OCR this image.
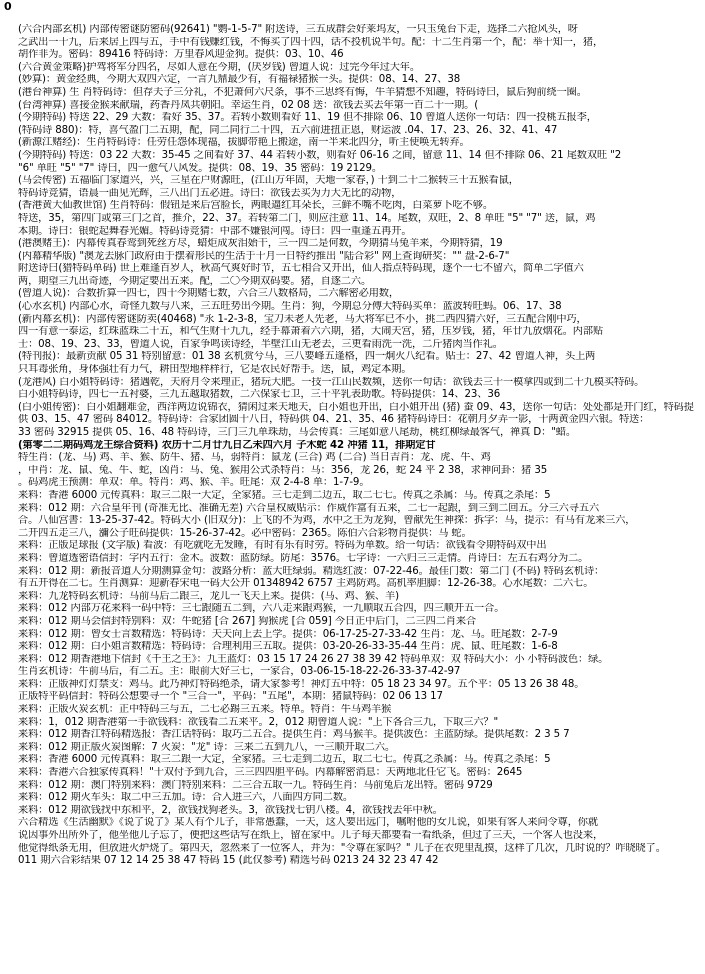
0
(六合内部玄机) 内部传密谜防密码(92641) "鹦-1-5-7" 附送诗，三五成群会好莱坞友，一只玉兔台下走，选择二六抢风头，呀
之武出一十九，后来居上四与五，手中有钱赚红钱，不悔买了四十四，话不投机说半句。配：十二生肖第一个，配：举十知一，猪，
胡作非为。密码：89416 特码诗：万里春风迎金狗。提供：03、10、46
(六合黄金策略)护驾将军分四名，尽如人意在今期，(厌岁钱) 曾道人说：过完今年过大年。
(妙算)：黄金经典，今期大双四六定，一言九鼎最少有，有福禄猪猴一头。提供：08、14、27、38
(港台神算) 生 肖特码诗：但存夫子三分礼，不犯萧何六尺条，事不三思终有悔，牛羊猜想不知趣，特码诗曰，鼠后狗前绕一圈。
(台湾神算) 喜接金猴来献瑞，药香丹凤共朝阳。幸运生肖，02 08 送：欲钱去买去年第一百二十一期。(
(今期特码) 特送 22、29 大数：看好 35、37。若转小数则看好 11、19 但不排除 06、10 曾道人送你一句话：四一投桃五报李，
(特码诗 880)：特，喜气盈门二五期，配，同二同行二十四，五六前进扭正恩，财运波 .04、17、23、26、32、41、47
(新源江赌经)：生肖特码诗：任劳任怨体现福，拔脚带艳上搬途，南一半来北四分，听主使唤无转弃。
(今期特码) 特送：03 22 大数：35-45 之间看好 37、44 若转小数，则看好 06-16 之间，留意 11、14 但不排除 06、21 尾数双旺 "2
"6" 单旺 "5" "7" 诗曰，四一愈气八风发。提供：08、19、35 密码：19 2129。
(马会传密) 五福临门家道兴，兴，三星在户财源旺，(江山万年固，天地一家春，) 十到二十二猴转三十五猴看鼠，
特码诗竞猜，语晨一曲见光辉，三八出门五必进。诗曰：欲钱去买为力大无比的动物，
(香港黄大仙教世馆) 生肖特码：假钮是来后宫脸长，两眼逼红耳朵长，三鲜不嘴不吃肉，白菜萝卜吃不够。
特送，35，第四门或第三门之首，推介，22、37。若转第二门，则应注意 11、14。尾数，双旺，2、8 单旺 "5" "7" 送，鼠，鸡
本期。诗曰：银蛇起舞春光媚。特码诗竞猜：中部不嫌银河闯。诗曰：四一重逢五再开。
(港澳赌王)：内幕传真春鸾到死丝方尽，蜡炬成灰泪始干，三一四二是何数，今期猜马兔羊来，今期特猜，19
(内幕精华版) "澳龙去脉门政府由于摆着形民的生活于十月一日特约推出 "陆合彩" 网上查询研奖："" 盘-2-6-7"
附送诗曰(猎特码单码) 世上难逢百岁人，秋高气爽好时节，五七相合又开出，仙人指点特码现，逐个一七不留六，简单二字值六
两，期望三九出奇迹，今期定要出五来。配，二〇今期双码要。猪，自逐二六。
(曾道人说)：合数折算一四七，四十今期赌七数，六合三八数格局，二六解密必用数，
(心水玄机) 内部心水，奇怪九数与八来，三五旺势出今期。生肖：狗，今期总分傅大特码买单：蓝波转旺蚂。06、17、38
(新内幕玄机)：内部传密谜防卖(40468) "永 1-2-3-8，宝刀未老人先老，马大将军已不小，挑二西四猜六好，三五配合刚中巧，
四一有意一泰运，红珠蓝珠二十五，和气生财十九九，经手幕萧着六六期，猪，大闹天宫，猪，压岁钱，猪，年廿九放烟花。内部贴
士：08、19、23、33，曾道人说，百家争鸣读诗经，半壁江山无老去，三更看雨洗一洗，二斤猪肉当作礼。
(特刊报)：最新贡献 05 31 特别留意：01 38 玄机赏兮马，三八要峰五逢格，四一炯火八纪看。贴士：27、42 曾道人神，头上两
只耳毒张角，身体强壮有力气，耕田型地样样行，它是农民好帮手。送，鼠，鸡定本期。
(龙港风) 白小姐特码诗：猪遇乾，天府月令来理正，猪玩大肥。一技一江山民数频，送你一句话：欲钱去三十一模拿四或到二十九模买特码。
白小姐特码诗，四七一五衬婆，三九五越取猪数，二六保家七卫，三十平乳表助歌。特码提供：14、23、36
(白小姐传密)：白小姐翻难金，西洋两边说锦衣，猜闲过来天地天，白小姐也开出，白小姐开出 (猪) 蚕 09、43，送你一句话：处处都是开门红，特码提
供 03、15、47 密码 84012。特码诗：合家团圆十八日，特码供 04、21、35、46 猪特码诗曰：花朝月夕弄一影，十两黄金四六银。特送：
33 密码 32915 提供 05、16、48 特码诗，三门三九单珠劫，马会传真：三尾如意八尾劫，桃红柳绿最客气，禅真 D："蜡。
(第零二二期码鸡龙王综合资料) 农历十二月廿九日乙未四六月 子木蛇 42 冲猪 11，排期定甘
特生肖：(龙、马) 鸡、羊、猴、防牛、猪、马，弱特肖：鼠龙 (三合) 鸡 (二合) 当日吉肖：龙、虎、牛、鸡
，中肖：龙、鼠、兔、牛、蛇，凶肖：马、兔、猴用公式杀特肖：马：356，龙 26，蛇 24 平 2 38，求神问卦：猪 35
。码鸡虎王预测：单双：单。特肖：鸡、猴、羊。旺尾：双 2-4-8 单：1-7-9。
来料：香港 6000 元传真料：取三二限一大定，全家猪。三七走到二边五，取二七七。传真之杀属：马。传真之杀尾：5
来料：012 期：六合皇年刊 (奇准无比、准确无差) 六合皇权威贴示：作威作富有五来，二七一起跟，到三到二回五。分三六寻五六
合。八仙宫書：13-25-37-42。特码大小 (旧双分)：上飞的不为鸡，水中之王为龙狗，曾献先生神探：拆字：马，提示：有马有龙来三六，
二开四五走三八，瀰公子旺码提供：15-26-37-42。必中密码：2365。陈伯六合彩物肖提供：马 蛇。
来料：正版足球报 (文字版) 看波：有吃就吃无发睡，有时有乐有时劳。特码为单数。给一句话：欲钱看令期特码双中出
来料：曾道透密语信封：字内五行：金木。波数：蓝防绿。防尾：3576。七字诗：一六归三三走情。肖诗曰：左五右鸡分为二。
来料：012 期：新报音道人分期测算金句：波路分析：蓝大旺绿弱。精选红波：07-22-46。最佳门数：第二门 (不码) 特码玄机诗：
有五开得在二七。生肖测算：迎新春宋电一码大公开 01348942 6757 主鸡防鸡。高机率胆脚：12-26-38。心水尾数：二六七。
来料：九龙特码玄机诗：马前马后二跟三，龙儿一飞天上来。提供：(马、鸡、猴、羊)
来料：012 内部万花来料一码中特：三七跟随五二到，六八走来跟鸡猴，一九顺取五合四，四三顺开五一合。
来料：012 期马会信封特别料：双：牛蛇猪 [合 267] 狗猴虎 [合 059] 今日正中后门，二三四二肖来合
来料：012 期：曾女士言数精选：特码诗：天天向上去上学。提供：06-17-25-27-33-42 生肖：龙、马。旺尾数：2-7-9
来料：012 期：白小姐言数精选：特码诗：合理利用三五取。提供：03-20-26-33-35-44 生肖：虎、鼠、旺尾数：1-6-8
来料：012 期香港地下信封《千王之王》：九王蓝灯：03 15 17 24 26 27 38 39 42 特码单双：双 特码大小：小 小特码波色：绿。
生肖玄机诗：牛前马后，有二五。主：眼前大好三七，一家合，03-06-15-18-22-26-33-37-42-97
来料：正版神灯灯禁支：鸡马。此乃神灯特码绝杀，请大家参考！神灯五中特：05 18 23 34 97。五个平：05 13 26 38 48。
正版特平码信封：特码公想要寻一个 "三合一"，平码："五尾"，本期：猪鼠特码：02 06 13 17
来料：正版火炭玄机：正中特码三与五，二七必踢三五来。特单。特肖：牛马鸡羊猴
来料：1，012 期香港第一手欲钱料：欲钱看二五来平。2，012 期曾道人说："上下各合三九，下取三六？"
来料：012 期香江特码精选报：香江话特码：取巧二五合。提供生肖：鸡马猴羊。提供波色：主蓝防绿。提供尾数：2 3 5 7
来料：012 期正版火炭图解：7 火炭："龙" 诗：三来二五到九八，一三顺开取二六。
来料：香港 6000 元传真料：取三二跟一大定，全家猪。三七走到二边五，取二七七。传真之杀属：马。传真之杀尾：5
来料：香港六合独家传真料！"十双付予到九合，三三四四胆平码。内幕解密消息：天两地北任它飞。密码：2645
来料：012 期：澳门特别来料：澳门特别来料：二三合五取一九。特码生肖：马前兔后龙出特。密码 9729
来料：012 期火车头：取二中三五加。诗：合入进三六，八面四方同二数。
来料：012 期欲钱找中东和平，2，欲钱找狗老头。3，欲钱找七钥八楼。4，欲钱找去年中秋。
六合精选《生活幽默》《说了说了》某人有个儿子，非常愚蠢，一天，这人要出远门，嘱咐他的女儿说，如果有客人来问令尊，你就
说因事外出所外了，他坐他儿子忘了，便把这些话写在纸上，留在家中。儿子每天都要看一看纸条，但过了三天，一个客人也没来，
他觉得纸条无用，但放进火炉烧了。第四天，忽然来了一位客人，并为："令尊在家吗？" 儿子在衣兜里乱摸，这样了几次，几时说的？咋晓晓了。
011 期六合彩结果 07 12 14 25 38 47 特码 15 (此仅参考) 精选号码 0213 24 32 23 47 42
